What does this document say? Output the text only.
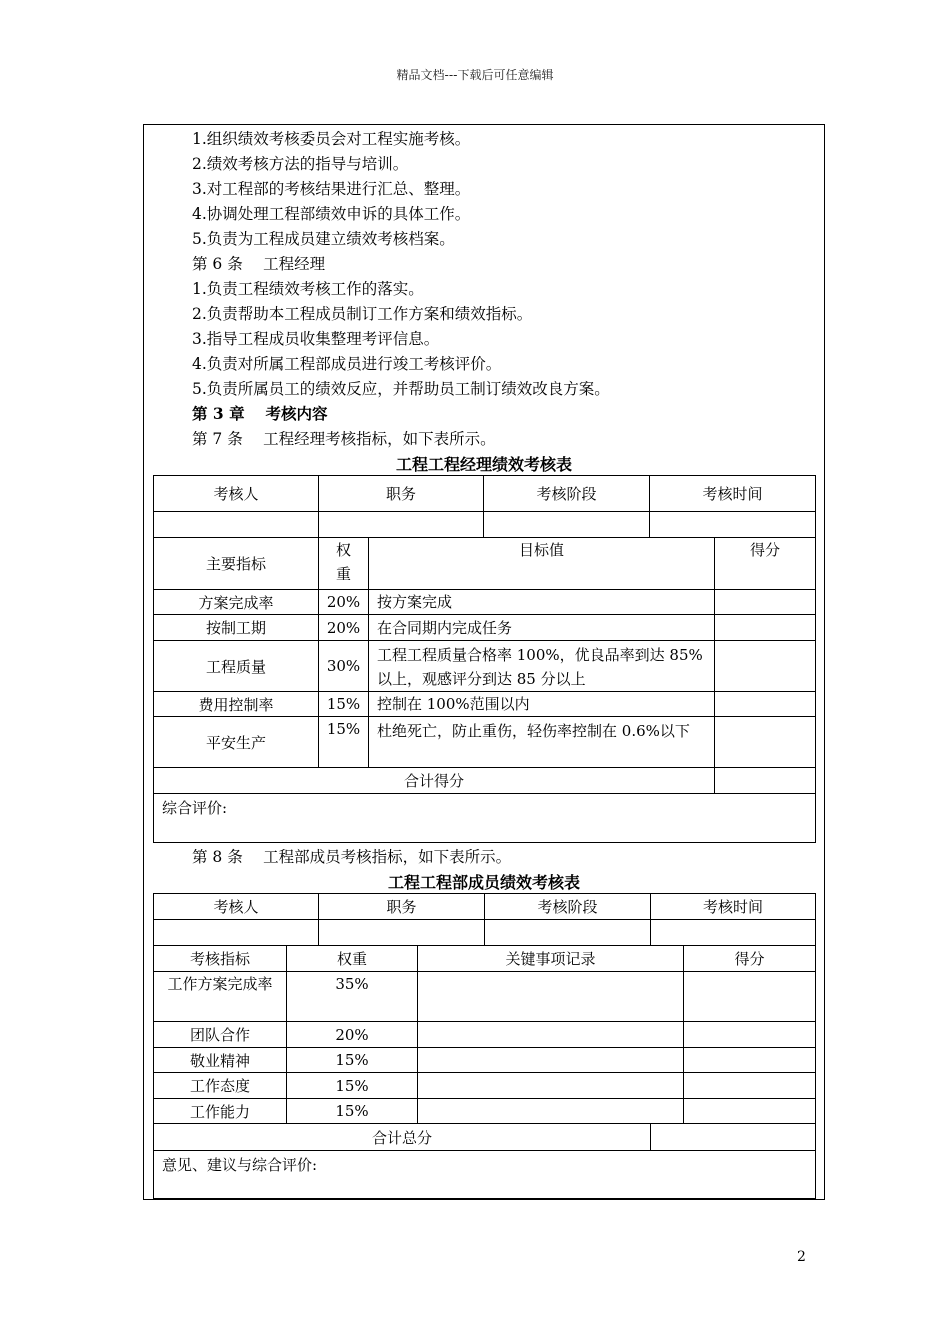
精品文档---下载后可任意编辑
1.组织绩效考核委员会对工程实施考核。
2.绩效考核方法的指导与培训。
3.对工程部的考核结果进行汇总、整理。
4.协调处理工程部绩效申诉的具体工作。
5.负责为工程成员建立绩效考核档案。
第 6 条　 工程经理
1.负责工程绩效考核工作的落实。
2.负责帮助本工程成员制订工作方案和绩效指标。
3.指导工程成员收集整理考评信息。
4.负责对所属工程部成员进行竣工考核评价。
5.负责所属员工的绩效反应，并帮助员工制订绩效改良方案。
第 3 章　 考核内容
第 7 条　 工程经理考核指标，如下表所示。
工程工程经理绩效考核表
考核人	职务		考核阶段	考核时间	

主要指标	权重	目标值			得分
方案完成率	20%	按方案完成			
按制工期	20%	在合同期内完成任务			
工程质量	30%	工程工程质量合格率 100%，优良品率到达 85%以上，观感评分到达 85 分以上			
费用控制率	15%	控制在 100%范围以内			
平安生产	15%	杜绝死亡，防止重伤，轻伤率控制在 0.6%以下			
合计得分					
综合评价:					
第 8 条　 工程部成员考核指标，如下表所示。
工程工程部成员绩效考核表
考核人		职务		考核阶段	考核时间	

考核指标	权重		关键事项记录			得分
工作方案完成率	35%					
团队合作	20%					
敬业精神	15%					
工作态度	15%					
工作能力	15%					
合计总分						
意见、建议与综合评价:						
2
